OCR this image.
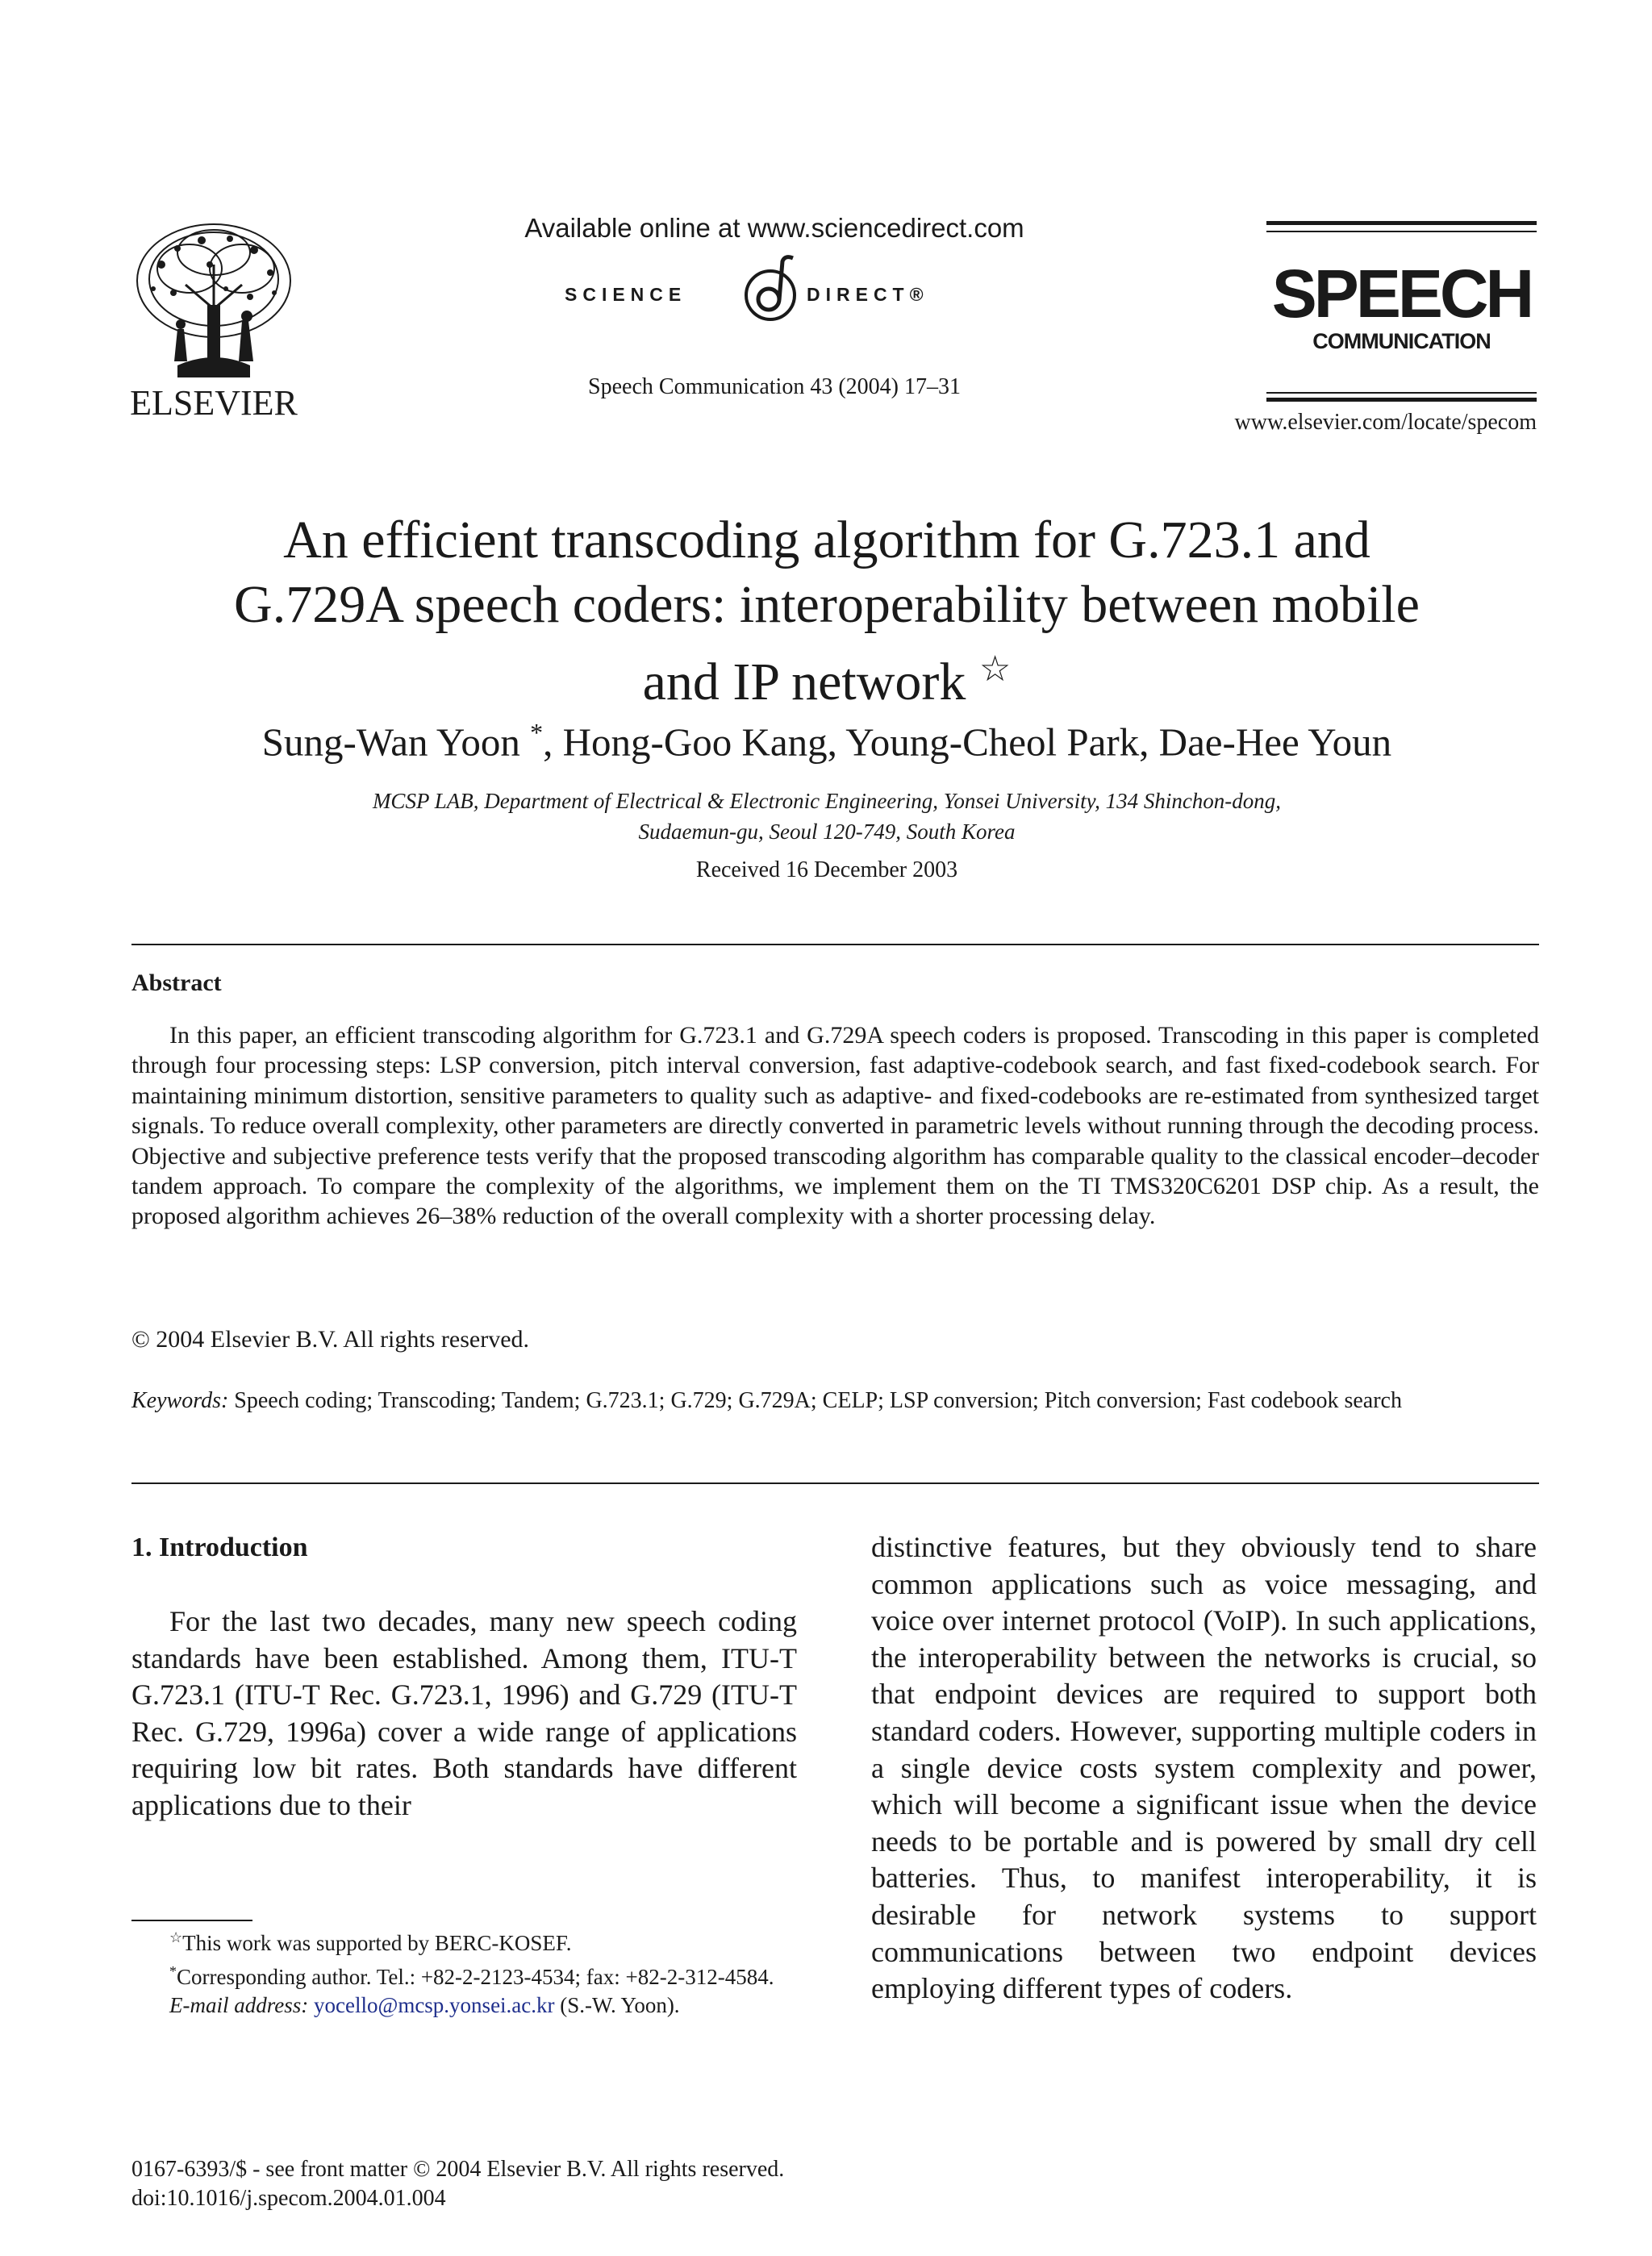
ELSEVIER
Available online at www.sciencedirect.com
SCIENCE	DIRECT®
Speech Communication 43 (2004) 17–31
SPEECH
COMMUNICATION
www.elsevier.com/locate/specom
An efficient transcoding algorithm for G.723.1 and
G.729A speech coders: interoperability between mobile
and IP network ☆
Sung-Wan Yoon *, Hong-Goo Kang, Young-Cheol Park, Dae-Hee Youn
MCSP LAB, Department of Electrical & Electronic Engineering, Yonsei University, 134 Shinchon-dong,
Sudaemun-gu, Seoul 120-749, South Korea
Received 16 December 2003
Abstract

In this paper, an efficient transcoding algorithm for G.723.1 and G.729A speech coders is proposed. Transcoding in this paper is completed through four processing steps: LSP conversion, pitch interval conversion, fast adaptive-codebook search, and fast fixed-codebook search. For maintaining minimum distortion, sensitive parameters to quality such as adaptive- and fixed-codebooks are re-estimated from synthesized target signals. To reduce overall complexity, other parameters are directly converted in parametric levels without running through the decoding process. Objective and subjective preference tests verify that the proposed transcoding algorithm has comparable quality to the classical encoder–decoder tandem approach. To compare the complexity of the algorithms, we implement them on the TI TMS320C6201 DSP chip. As a result, the proposed algorithm achieves 26–38% reduction of the overall complexity with a shorter processing delay.

© 2004 Elsevier B.V. All rights reserved.
Keywords: Speech coding; Transcoding; Tandem; G.723.1; G.729; G.729A; CELP; LSP conversion; Pitch conversion; Fast codebook search
1. Introduction

For the last two decades, many new speech coding standards have been established. Among them, ITU-T G.723.1 (ITU-T Rec. G.723.1, 1996) and G.729 (ITU-T Rec. G.729, 1996a) cover a wide range of applications requiring low bit rates. Both standards have different applications due to their

distinctive features, but they obviously tend to share common applications such as voice messaging, and voice over internet protocol (VoIP). In such applications, the interoperability between the networks is crucial, so that endpoint devices are required to support both standard coders. However, supporting multiple coders in a single device costs system complexity and power, which will become a significant issue when the device needs to be portable and is powered by small dry cell batteries. Thus, to manifest interoperability, it is desirable for network systems to support communications between two endpoint devices employing different types of coders.

☆This work was supported by BERC-KOSEF.

*Corresponding author. Tel.: +82-2-2123-4534; fax: +82-2-312-4584.

E-mail address: yocello@mcsp.yonsei.ac.kr (S.-W. Yoon).

0167-6393/$ - see front matter © 2004 Elsevier B.V. All rights reserved.
doi:10.1016/j.specom.2004.01.004
